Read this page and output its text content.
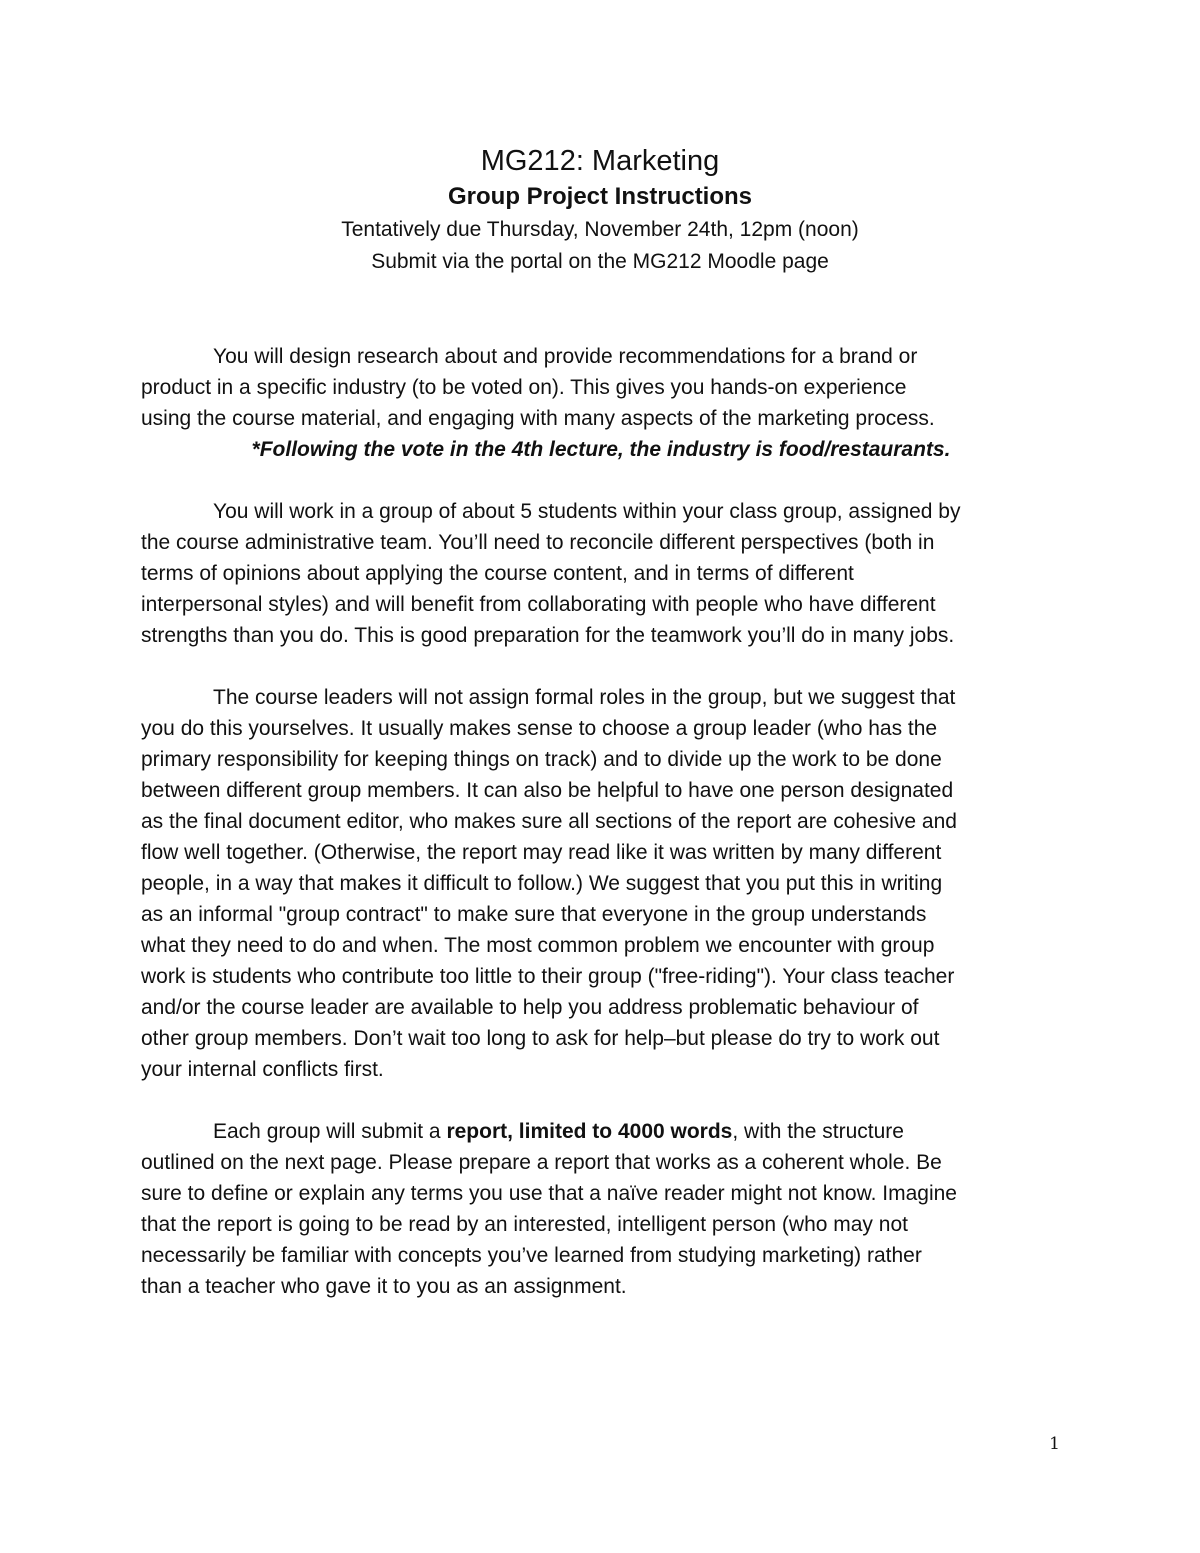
MG212: Marketing

Group Project Instructions

Tentatively due Thursday, November 24th, 12pm (noon)

Submit via the portal on the MG212 Moodle page

You will design research about and provide recommendations for a brand or
product in a specific industry (to be voted on). This gives you hands-on experience
using the course material, and engaging with many aspects of the marketing process.
*Following the vote in the 4th lecture, the industry is food/restaurants.

You will work in a group of about 5 students within your class group, assigned by
the course administrative team. You’ll need to reconcile different perspectives (both in
terms of opinions about applying the course content, and in terms of different
interpersonal styles) and will benefit from collaborating with people who have different
strengths than you do. This is good preparation for the teamwork you’ll do in many jobs.

The course leaders will not assign formal roles in the group, but we suggest that
you do this yourselves. It usually makes sense to choose a group leader (who has the
primary responsibility for keeping things on track) and to divide up the work to be done
between different group members. It can also be helpful to have one person designated
as the final document editor, who makes sure all sections of the report are cohesive and
flow well together. (Otherwise, the report may read like it was written by many different
people, in a way that makes it difficult to follow.) We suggest that you put this in writing
as an informal "group contract" to make sure that everyone in the group understands
what they need to do and when. The most common problem we encounter with group
work is students who contribute too little to their group ("free-riding"). Your class teacher
and/or the course leader are available to help you address problematic behaviour of
other group members. Don’t wait too long to ask for help–but please do try to work out
your internal conflicts first.

Each group will submit a report, limited to 4000 words, with the structure
outlined on the next page. Please prepare a report that works as a coherent whole. Be
sure to define or explain any terms you use that a naïve reader might not know. Imagine
that the report is going to be read by an interested, intelligent person (who may not
necessarily be familiar with concepts you’ve learned from studying marketing) rather
than a teacher who gave it to you as an assignment.

1
